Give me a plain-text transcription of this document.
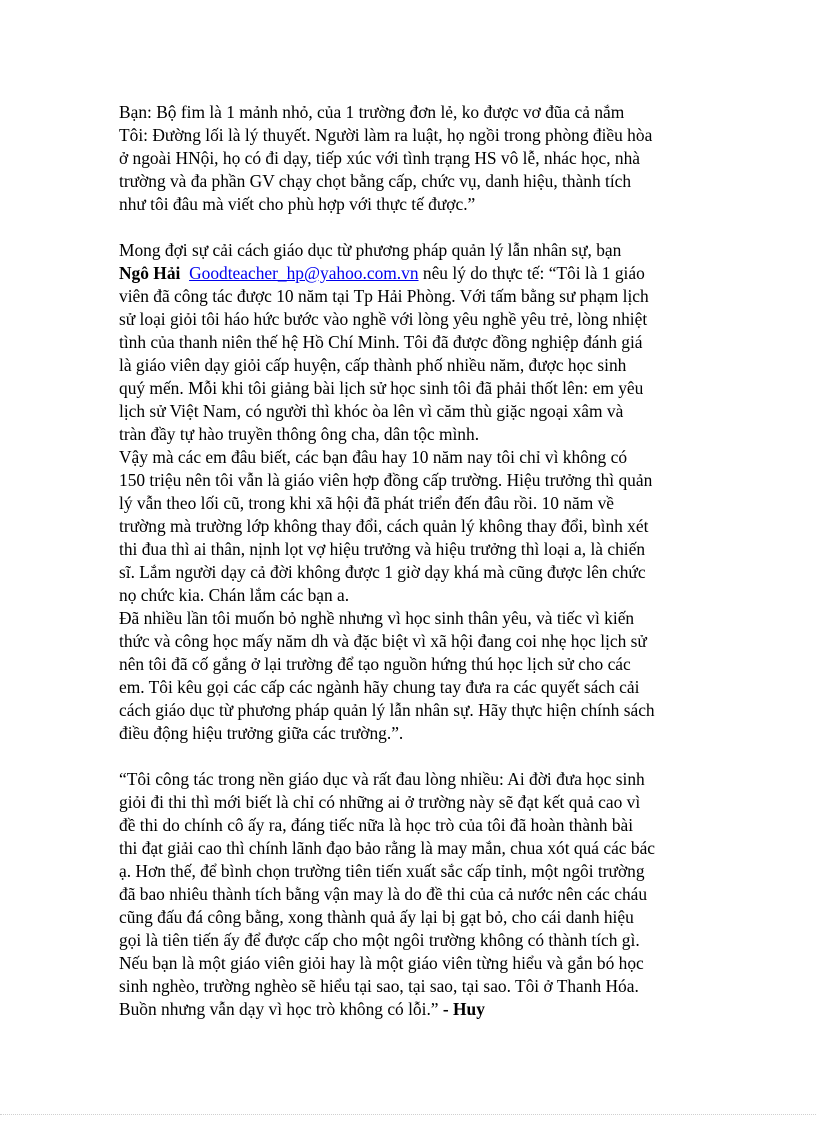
Bạn: Bộ fim là 1 mảnh nhỏ, của 1 trường đơn lẻ, ko được vơ đũa cả nắm

Tôi: Đường lối là lý thuyết. Người làm ra luật, họ ngồi trong phòng điều hòa

ở ngoài HNội, họ có đi dạy, tiếp xúc với tình trạng HS vô lễ, nhác học, nhà

trường và đa phần GV chạy chọt bằng cấp, chức vụ, danh hiệu, thành tích

như tôi đâu mà viết cho phù hợp với thực tế được.”

Mong đợi sự cải cách giáo dục từ phương pháp quản lý lẫn nhân sự, bạn

Ngô Hải Goodteacher_hp@yahoo.com.vn nêu lý do thực tế: “Tôi là 1 giáo

viên đã công tác được 10 năm tại Tp Hải Phòng. Với tấm bằng sư phạm lịch

sử loại giỏi tôi háo hức bước vào nghề với lòng yêu nghề yêu trẻ, lòng nhiệt

tình của thanh niên thế hệ Hồ Chí Minh. Tôi đã được đồng nghiệp đánh giá

là giáo viên dạy giỏi cấp huyện, cấp thành phố nhiều năm, được học sinh

quý mến. Mỗi khi tôi giảng bài lịch sử học sinh tôi đã phải thốt lên: em yêu

lịch sử Việt Nam, có người thì khóc òa lên vì căm thù giặc ngoại xâm và

tràn đầy tự hào truyền thông ông cha, dân tộc mình.

Vậy mà các em đâu biết, các bạn đâu hay 10 năm nay tôi chỉ vì không có

150 triệu nên tôi vẫn là giáo viên hợp đồng cấp trường. Hiệu trưởng thì quản

lý vẫn theo lối cũ, trong khi xã hội đã phát triển đến đâu rồi. 10 năm về

trường mà trường lớp không thay đổi, cách quản lý không thay đổi, bình xét

thi đua thì ai thân, nịnh lọt vợ hiệu trưởng và hiệu trưởng thì loại a, là chiến

sĩ. Lắm người dạy cả đời không được 1 giờ dạy khá mà cũng được lên chức

nọ chức kia. Chán lắm các bạn a.

Đã nhiều lần tôi muốn bỏ nghề nhưng vì học sinh thân yêu, và tiếc vì kiến

thức và công học mấy năm dh và đặc biệt vì xã hội đang coi nhẹ học lịch sử

nên tôi đã cố gắng ở lại trường để tạo nguồn hứng thú học lịch sử cho các

em. Tôi kêu gọi các cấp các ngành hãy chung tay đưa ra các quyết sách cải

cách giáo dục từ phương pháp quản lý lẫn nhân sự. Hãy thực hiện chính sách

điều động hiệu trưởng giữa các trường.”.

“Tôi công tác trong nền giáo dục và rất đau lòng nhiều: Ai đời đưa học sinh

giỏi đi thi thì mới biết là chỉ có những ai ở trường này sẽ đạt kết quả cao vì

đề thi do chính cô ấy ra, đáng tiếc nữa là học trò của tôi đã hoàn thành bài

thi đạt giải cao thì chính lãnh đạo bảo rằng là may mắn, chua xót quá các bác

ạ. Hơn thế, để bình chọn trường tiên tiến xuất sắc cấp tỉnh, một ngôi trường

đã bao nhiêu thành tích bằng vận may là do đề thi của cả nước nên các cháu

cũng đấu đá công bằng, xong thành quả ấy lại bị gạt bỏ, cho cái danh hiệu

gọi là tiên tiến ấy để được cấp cho một ngôi trường không có thành tích gì.

Nếu bạn là một giáo viên giỏi hay là một giáo viên từng hiểu và gắn bó học

sinh nghèo, trường nghèo sẽ hiểu tại sao, tại sao, tại sao. Tôi ở Thanh Hóa.

Buồn nhưng vẫn dạy vì học trò không có lỗi.” - Huy
